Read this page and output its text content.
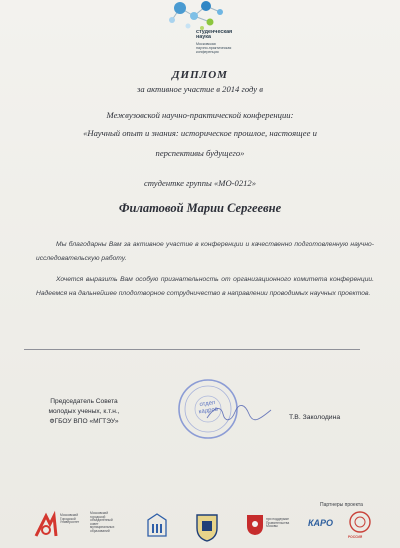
студенческая
наука
Московская
научно-практическая
конференция
ДИПЛОМ
за активное участие в 2014 году в
Межвузовской научно-практической конференции:
«Научный опыт и знания: историческое прошлое, настоящее и
перспективы будущего»
студентке группы «МО-0212»
Филатовой Марии Сергеевне
Мы благодарны Вам за активное участие в конференции и качественно подготовленную научно-исследовательскую работу.
Хочется выразить Вам особую признательность от организационного комитета конференции. Надеемся на дальнейшее плодотворное сотрудничество в направлении проводимых научных проектов.
Председатель Совета
молодых ученых, к.т.н.,
ФГБОУ ВПО «МГТЭУ»
отдел
кадров
Т.В. Заколодина
Партнеры проекта
Московский
Городской
Университет
Московский
городской
объединённый
совет
муниципальных
образований
при поддержке
Правительства
Москвы	КАРО
РОССИЯ
